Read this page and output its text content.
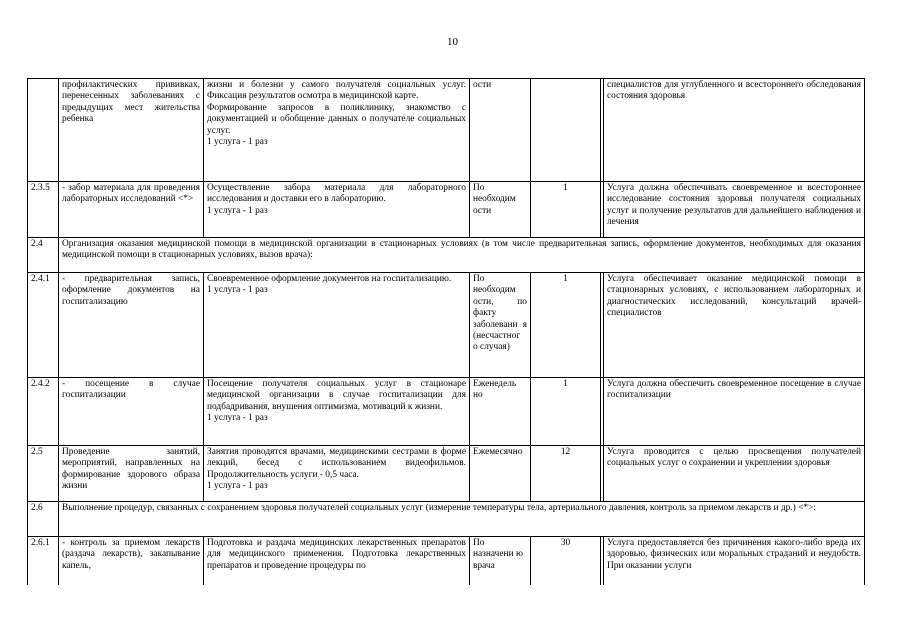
10
	профилактических прививках, перенесенных заболеваниях с предыдущих мест жительства ребенка	жизни и болезни у самого получателя социальных услуг. Фиксация результатов осмотра в медицинской карте.
Формирование запросов в поликлинику, знакомство с документацией и обобщение данных о получателе социальных услуг.
1 услуга - 1 раз	ости			специалистов для углубленного и всестороннего обследования состояния здоровья
2.3.5	- забор материала для проведения лабораторных исследований <*>	Осуществление забора материала для лабораторного исследования и доставки его в лабораторию.
1 услуга - 1 раз	По необходим ости	1		Услуга должна обеспечивать своевременное и всестороннее исследование состояния здоровья получателя социальных услуг и получение результатов для дальнейшего наблюдения и лечения
2.4	Организация оказания медицинской помощи в медицинской организации в стационарных условиях (в том числе предварительная запись, оформление документов, необходимых для оказания медицинской помощи в стационарных условиях, вызов врача):					
2.4.1	- предварительная запись, оформление документов на госпитализацию	Своевременное оформление документов на госпитализацию.
1 услуга - 1 раз	По необходим ости, по факту заболевани я (несчастног о случая)	1		Услуга обеспечивает оказание медицинской помощи в стационарных условиях, с использованием лабораторных и диагностических исследований, консультаций врачей-специалистов
2.4.2	- посещение в случае госпитализации	Посещение получателя социальных услуг в стационаре медицинской организации в случае госпитализации для подбадривания, внушения оптимизма, мотиваций к жизни.
1 услуга - 1 раз	Еженедель но	1		Услуга должна обеспечить своевременное посещение в случае госпитализации
2.5	Проведение занятий, мероприятий, направленных на формирование здорового образа жизни	Занятия проводятся врачами, медицинскими сестрами в форме лекций, бесед с использованием видеофильмов. Продолжительность услуги - 0,5 часа.
1 услуга - 1 раз	Ежемесячно	12		Услуга проводится с целью просвещения получателей социальных услуг о сохранении и укреплении здоровья
2.6	Выполнение процедур, связанных с сохранением здоровья получателей социальных услуг (измерение температуры тела, артериального давления, контроль за приемом лекарств и др.) <*>:					
2.6.1	- контроль за приемом лекарств (раздача лекарств), закапывание капель,	Подготовка и раздача медицинских лекарственных препаратов для медицинского применения. Подготовка лекарственных препаратов и проведение процедуры по	По назначени ю врача	30		Услуга предоставляется без причинения какого-либо вреда их здоровью, физических или моральных страданий и неудобств. При оказании услуги
